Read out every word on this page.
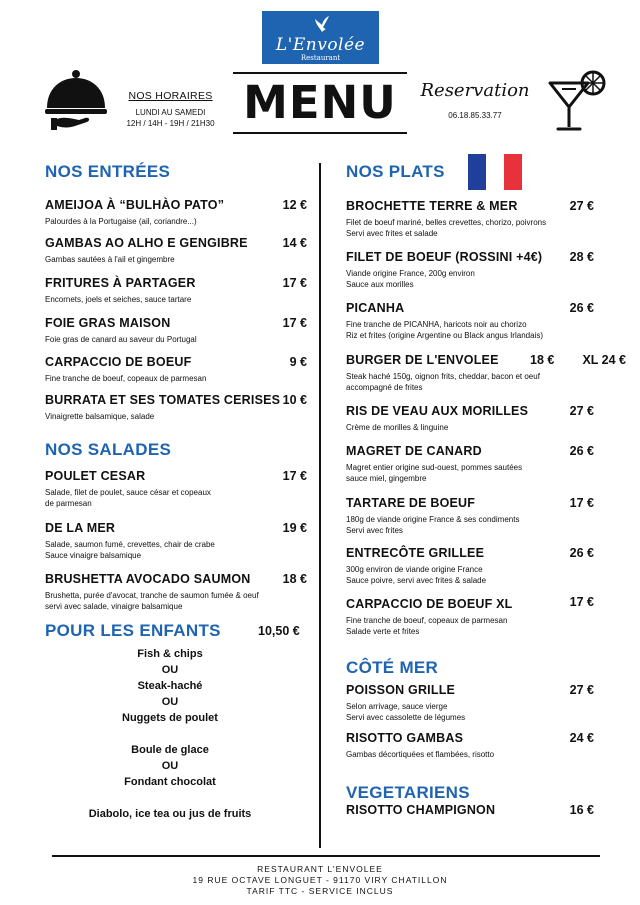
L'Envolée
Restaurant
NOS HORAIRES
LUNDI AU SAMEDI
12H / 14H - 19H / 21H30 MENU	Reservation
06.18.85.33.77
NOS ENTRÉES
AMEIJOA À “BULHÀO PATO”	12 €
Palourdes à la Portugaise (ail, coriandre...)
GAMBAS AO ALHO E GENGIBRE	14 €
Gambas sautées à l'ail et gingembre
FRITURES À PARTAGER	17 €
Encornets, joels et seiches, sauce tartare
FOIE GRAS MAISON	17 €
Foie gras de canard au saveur du Portugal
CARPACCIO DE BOEUF	9 €
Fine tranche de boeuf, copeaux de parmesan
BURRATA ET SES TOMATES CERISES 10 €
Vinaigrette balsamique, salade
NOS SALADES
POULET CESAR	17 €
Salade, filet de poulet, sauce césar et copeaux
de parmesan
DE LA MER	19 €
Salade, saumon fumé, crevettes, chair de crabe
Sauce vinaigre balsamique
BRUSHETTA AVOCADO SAUMON	18 €
Brushetta, purée d'avocat, tranche de saumon fumée & oeuf
servi avec salade, vinaigre balsamique
POUR LES ENFANTS	10,50 €
Fish & chips
OU
Steak-haché
OU
Nuggets de poulet
Boule de glace
OU
Fondant chocolat
Diabolo, ice tea ou jus de fruits
NOS PLATS
BROCHETTE TERRE & MER	27 €
Filet de boeuf mariné, belles crevettes, chorizo, poivrons
Servi avec frites et salade
FILET DE BOEUF (ROSSINI +4€)	28 €
Viande origine France, 200g environ
Sauce aux morilles
PICANHA	26 €
Fine tranche de PICANHA, haricots noir au chorizo
Riz et frites (origine Argentine ou Black angus Irlandais)
BURGER DE L'ENVOLEE	18 € XL 24 €
Steak haché 150g, oignon frits, cheddar, bacon et oeuf
accompagné de frites
RIS DE VEAU AUX MORILLES	27 €
Crème de morilles & linguine
MAGRET DE CANARD	26 €
Magret entier origine sud-ouest, pommes sautées
sauce miel, gingembre
TARTARE DE BOEUF	17 €
180g de viande origine France & ses condiments
Servi avec frites
ENTRECÔTE GRILLEE	26 €
300g environ de viande origine France
Sauce poivre, servi avec frites & salade
CARPACCIO DE BOEUF XL	17 €
Fine tranche de boeuf, copeaux de parmesan
Salade verte et frites
CÔTÉ MER
POISSON GRILLE	27 €
Selon arrivage, sauce vierge
Servi avec cassolette de légumes
RISOTTO GAMBAS	24 €
Gambas décortiquées et flambées, risotto
VEGETARIENS
RISOTTO CHAMPIGNON	16 €
RESTAURANT L'ENVOLEE
19 RUE OCTAVE LONGUET - 91170 VIRY CHATILLON
TARIF TTC - SERVICE INCLUS
